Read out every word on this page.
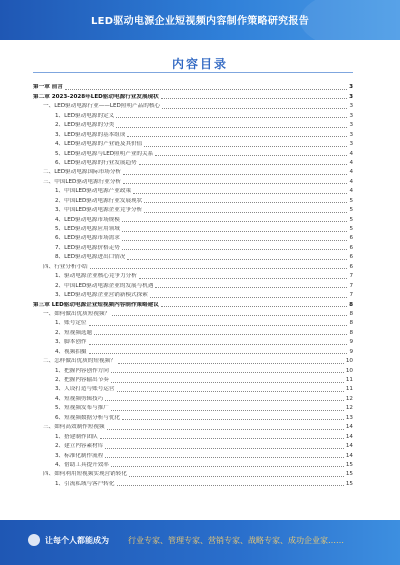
LED驱动电源企业短视频内容制作策略研究报告
内容目录
第一章 前言	3
第二章 2023-2028年LED驱动电源行业发展现状	3
一、LED驱动电源行业——LED照明产品的核心	3
1、LED驱动电源的定义	3
2、LED驱动电源的分类	3
3、LED驱动电源的基本组成	3
4、LED驱动电源的产业链及其价值	3
5、LED驱动电源与LED照明产业的关系	4
6、LED驱动电源的行业发展趋势	4
二、LED驱动电源国际市场分析	4
三、中国LED驱动电源行业分析	4
1、中国LED驱动电源产业政策	4
2、中国LED驱动电源行业发展现状	5
3、中国LED驱动电源企业竞争分析	5
4、LED驱动电源市场规模	5
5、LED驱动电源应用领域	5
6、LED驱动电源市场需求	6
7、LED驱动电源价格走势	6
8、LED驱动电源进出口情况	6
四、行业分析小结	6
1、驱动电源企业核心竞争力分析	7
2、中国LED驱动电源企业的发展与机遇	7
3、LED驱动电源企业营销新模式探索	7
第三章 LED驱动电源企业短视频内容制作策略建议	8
一、如何做出优质短视频？	8
1、账号定位	8
2、短视频选题	8
3、脚本创作	9
4、视频拍摄	9
二、怎样做出优质的短视频？	10
1、把握内容创作方向	10
2、把握内容输出节奏	11
3、人设打造与账号运营	11
4、短视频剪辑技巧	12
5、短视频发布与推广	12
6、短视频数据分析与优化	13
三、如何高效制作短视频	14
1、搭建制作团队	14
2、建立内容素材库	14
3、标准化制作流程	14
4、借助工具提升效率	15
四、如何利用短视频实现营销转化	15
1、引流私域与客户转化	15
让每个人都能成为 行业专家、管理专家、营销专家、战略专家、成功企业家……
